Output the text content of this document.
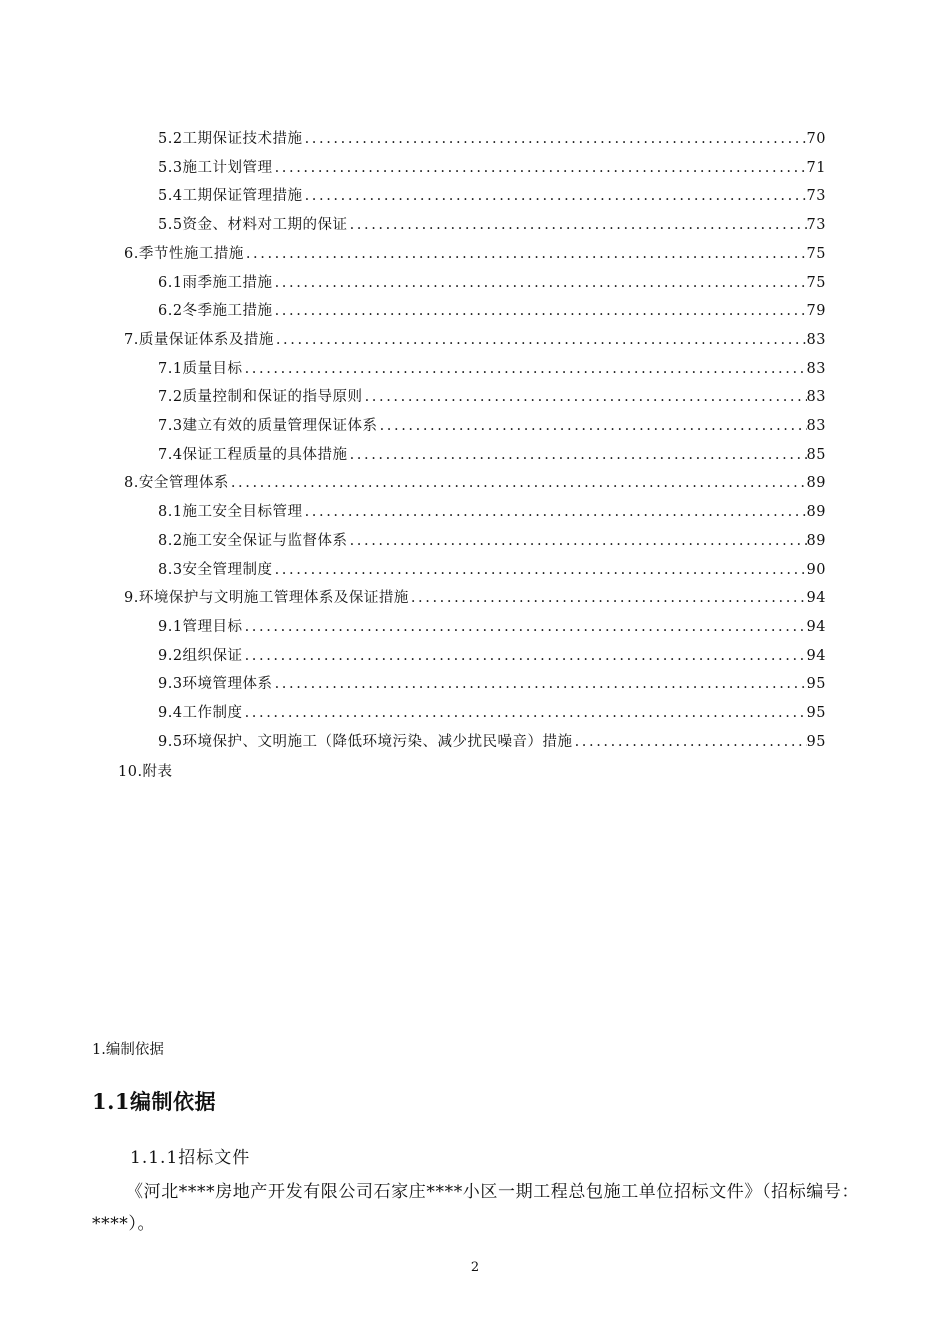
5.2工期保证技术措施 .....	70
5.3施工计划管理 .....	71
5.4工期保证管理措施 .....	73
5.5资金、材料对工期的保证 .....	73
6.季节性施工措施 .....	75
6.1雨季施工措施 .....	75
6.2冬季施工措施 .....	79
7.质量保证体系及措施 .....	83
7.1质量目标 .....	83
7.2质量控制和保证的指导原则 .....	83
7.3建立有效的质量管理保证体系 .....	83
7.4保证工程质量的具体措施 .....	85
8.安全管理体系 .....	89
8.1施工安全目标管理 .....	89
8.2施工安全保证与监督体系 .....	89
8.3安全管理制度 .....	90
9.环境保护与文明施工管理体系及保证措施 .....	94
9.1管理目标 .....	94
9.2组织保证 .....	94
9.3环境管理体系 .....	95
9.4工作制度 .....	95
9.5环境保护、文明施工（降低环境污染、减少扰民噪音）措施 .....	95
10.附表
1.编制依据
1.1编制依据
1.1.1招标文件

《河北****房地产开发有限公司石家庄****小区一期工程总包施工单位招标文件》（招标编号：****）。

2
